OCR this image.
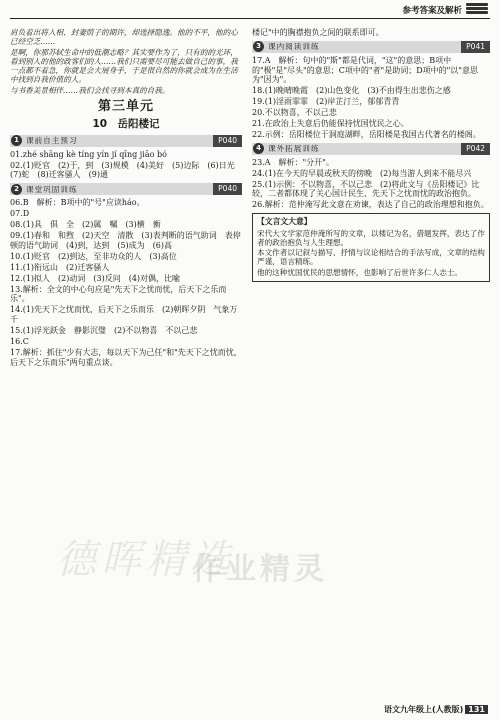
参考答案及解析

肩负着出将入相、封妻荫子的期许，却选择隐逸。他的不平，他的心已经空乏……

是啊，你那苏轼生命中的低潮志略？其实要作为了，只有的的光环，看到别人的他的政客们的人……我们只需要尽可能去做自己的事，我一点都不着急，你就是会大展身手，于是很自然的你就会成为在生活中找到自我价值的人。

与书香美景相伴……我们会找寻到本真的自我。

第三单元
10　岳阳楼记
1 课前自主预习	P040

01.zhé shāng kè tíng yín jí qīng jiāo bó

02.(1)贬官　(2)于，到　(3)规模　(4)美好　(5)边际　(6)日光　(7)蛇　(8)迁客骚人　(9)通

2 课堂巩固训练	P040

06.B　解析：B项中的"号"应读háo。

07.D

08.(1)具　俱　全　(2)属　嘱　(3)横　衡　

09.(1)春和　和煦　(2)天空　清散　(3)表判断的语气助词　表停顿的语气助词　(4)到，达到　(5)成为　(6)高

10.(1)贬官　(2)到达，至非功众的人　(3)高位

11.(1)衔远山　(2)迁客骚人

12.(1)拟人　(2)动词　(3)反问　(4)对偶，比喻

13.解析：全文的中心句应是"先天下之忧而忧，后天下之乐而乐"。

14.(1)先天下之忧而忧，后天下之乐而乐　(2)朝晖夕阴　气象万千

15.(1)浮光跃金　静影沉璧　(2)不以物喜　不以己悲

16.C

17.解析：抓住"少有大志，每以天下为己任"和"先天下之忧而忧，后天下之乐而乐"两句重点谈。

楼记"中的胸襟抱负之间的联系即可。

3 课内阅读训练	P041

17.A　解析：句中的"斯"都是代词，"这"的意思；B项中的"极"是"尽头"的意思；C项中的"者"是助词；D项中的"以"意思为"因为"。

18.(1)晚晴晚霞　(2)山色变化　(3)不由得生出悲伤之感

19.(1)淫雨霏霏　(2)岸芷汀兰，郁郁青青

20.不以物喜，不以己悲

21.在政治上失意后仍能保持忧国忧民之心。

22.示例：岳阳楼位于洞庭湖畔，岳阳楼是我国古代著名的楼阁。

4 课外拓展训练	P042

23.A　解析："分开"。

24.(1)在今天的早晨或秋天的傍晚　(2)每当游人到来不能尽兴

25.(1)示例：不以物喜，不以己悲　(2)将此文与《岳阳楼记》比较，二者都体现了关心国计民生、先天下之忧而忧的政治抱负。

26.解析：范仲淹写此文意在劝谏，表达了自己的政治理想和抱负。

【文言文大意】

宋代大文学家范仲淹所写的文章，以楼记为名，借题发挥，表达了作者的政治抱负与人生理想。

本文作者以记叙与描写、抒情与议论相结合的手法写成，文章的结构严谨，语言精练。

他的这种忧国忧民的思想情怀，也影响了后世许多仁人志士。

德晖精选
作业精灵
语文九年级上(人教版) 131
